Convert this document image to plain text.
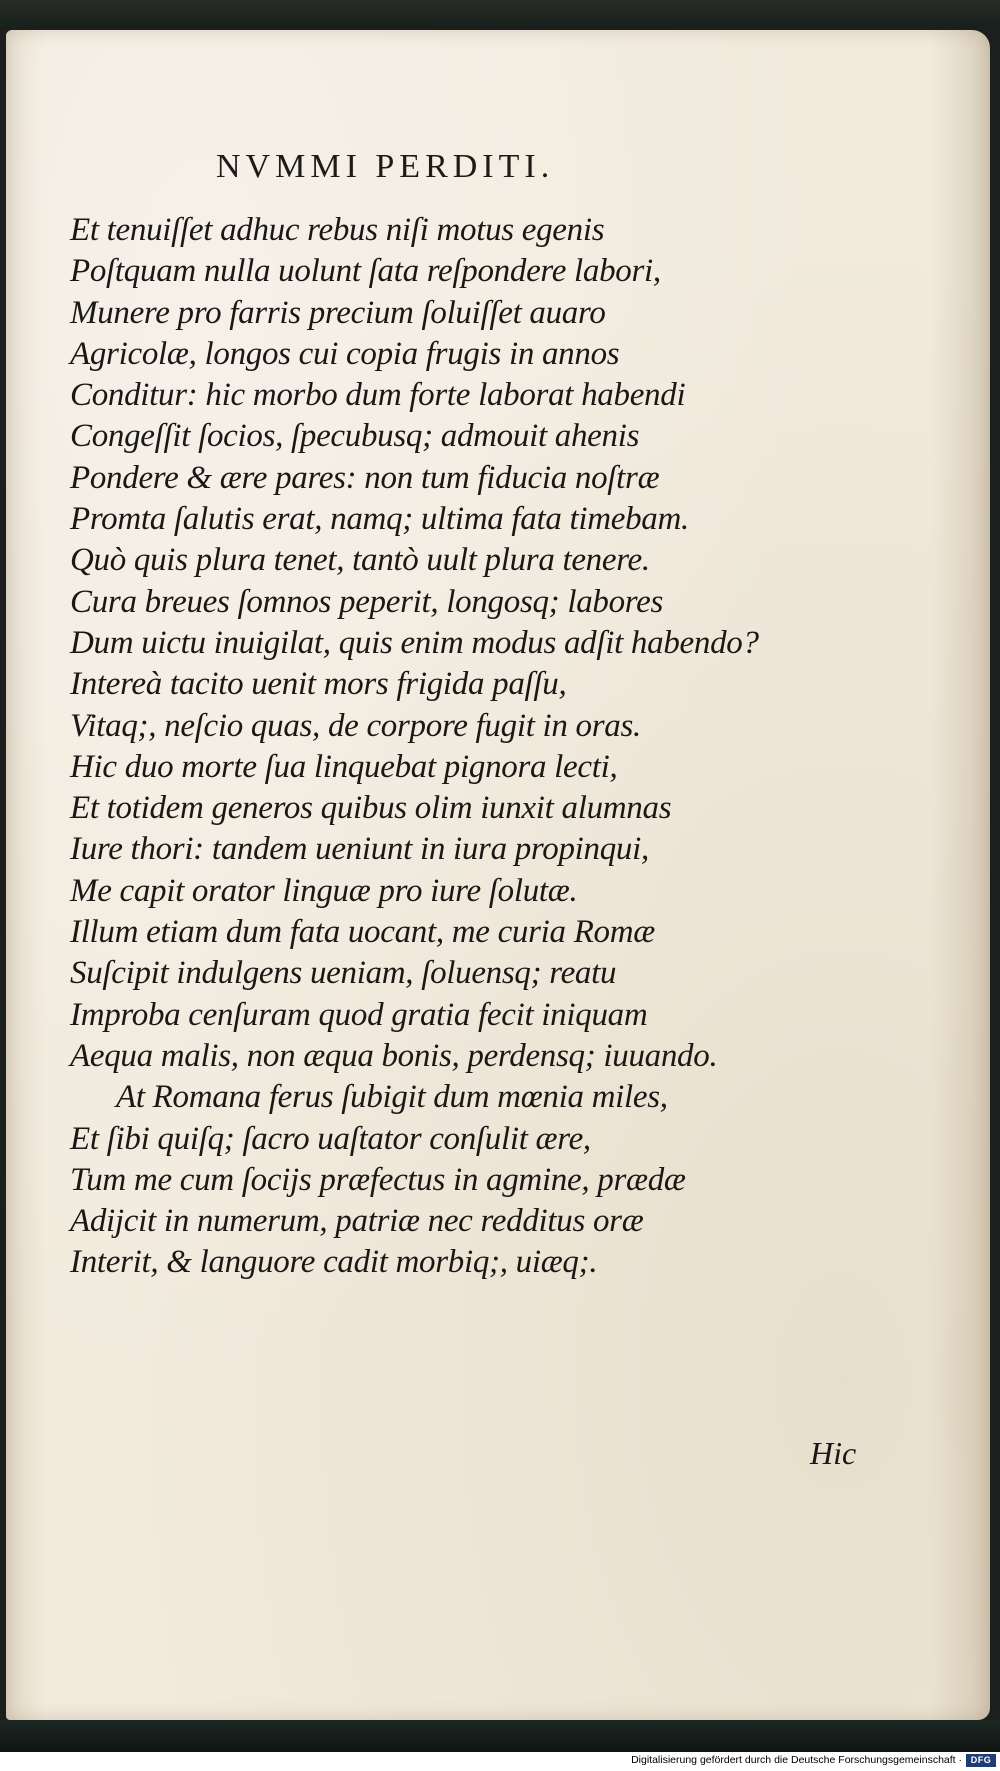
NVMMI PERDITI.
Et tenuiſſet adhuc rebus niſi motus egenis
Poſtquam nulla uolunt ſata reſpondere labori,
Munere pro farris precium ſoluiſſet auaro
Agricolæ, longos cui copia frugis in annos
Conditur: hic morbo dum forte laborat habendi
Congeſſit ſocios, ſpecubusq; admouit ahenis
Pondere & ære pares: non tum fiducia noſtræ
Promta ſalutis erat, namq; ultima fata timebam.
Quò quis plura tenet, tantò uult plura tenere.
Cura breues ſomnos peperit, longosq; labores
Dum uictu inuigilat, quis enim modus adſit habendo?
Intereà tacito uenit mors frigida paſſu,
Vitaq;, neſcio quas, de corpore fugit in oras.
Hic duo morte ſua linquebat pignora lecti,
Et totidem generos quibus olim iunxit alumnas
Iure thori: tandem ueniunt in iura propinqui,
Me capit orator linguæ pro iure ſolutæ.
Illum etiam dum fata uocant, me curia Romæ
Suſcipit indulgens ueniam, ſoluensq; reatu
Improba cenſuram quod gratia fecit iniquam
Aequa malis, non æqua bonis, perdensq; iuuando.
At Romana ferus ſubigit dum mœnia miles,
Et ſibi quiſq; ſacro uaſtator conſulit ære,
Tum me cum ſocijs præfectus in agmine, prædæ
Adijcit in numerum, patriæ nec redditus oræ
Interit, & languore cadit morbiq;, uiæq;.
Hic
Digitalisierung gefördert durch die Deutsche Forschungsgemeinschaft · DFG
